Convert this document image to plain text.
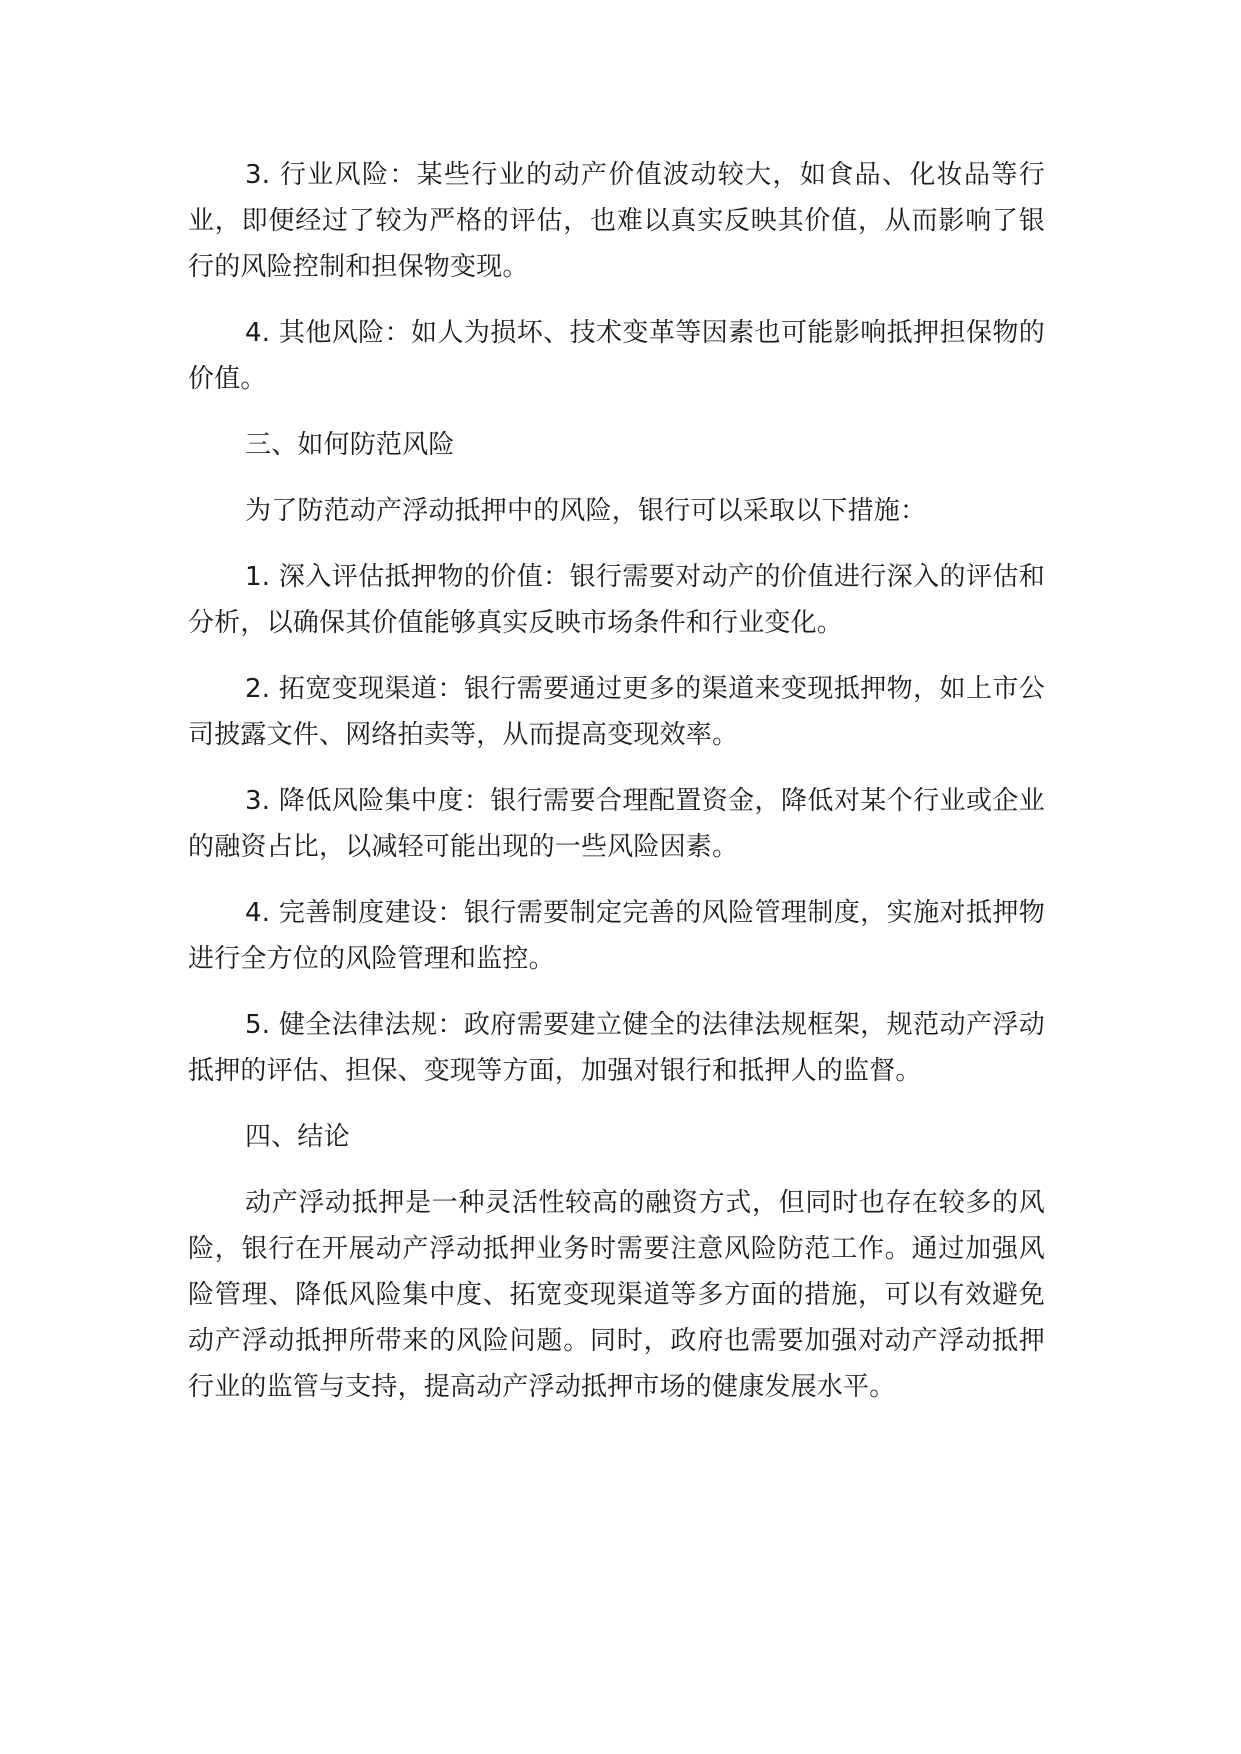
3. 行业风险：某些行业的动产价值波动较大，如食品、化妆品等行业，即便经过了较为严格的评估，也难以真实反映其价值，从而影响了银行的风险控制和担保物变现。

4. 其他风险：如人为损坏、技术变革等因素也可能影响抵押担保物的价值。

三、如何防范风险

为了防范动产浮动抵押中的风险，银行可以采取以下措施：

1. 深入评估抵押物的价值：银行需要对动产的价值进行深入的评估和分析，以确保其价值能够真实反映市场条件和行业变化。

2. 拓宽变现渠道：银行需要通过更多的渠道来变现抵押物，如上市公司披露文件、网络拍卖等，从而提高变现效率。

3. 降低风险集中度：银行需要合理配置资金，降低对某个行业或企业的融资占比，以减轻可能出现的一些风险因素。

4. 完善制度建设：银行需要制定完善的风险管理制度，实施对抵押物进行全方位的风险管理和监控。

5. 健全法律法规：政府需要建立健全的法律法规框架，规范动产浮动抵押的评估、担保、变现等方面，加强对银行和抵押人的监督。

四、结论

动产浮动抵押是一种灵活性较高的融资方式，但同时也存在较多的风险，银行在开展动产浮动抵押业务时需要注意风险防范工作。通过加强风险管理、降低风险集中度、拓宽变现渠道等多方面的措施，可以有效避免动产浮动抵押所带来的风险问题。同时，政府也需要加强对动产浮动抵押行业的监管与支持，提高动产浮动抵押市场的健康发展水平。
